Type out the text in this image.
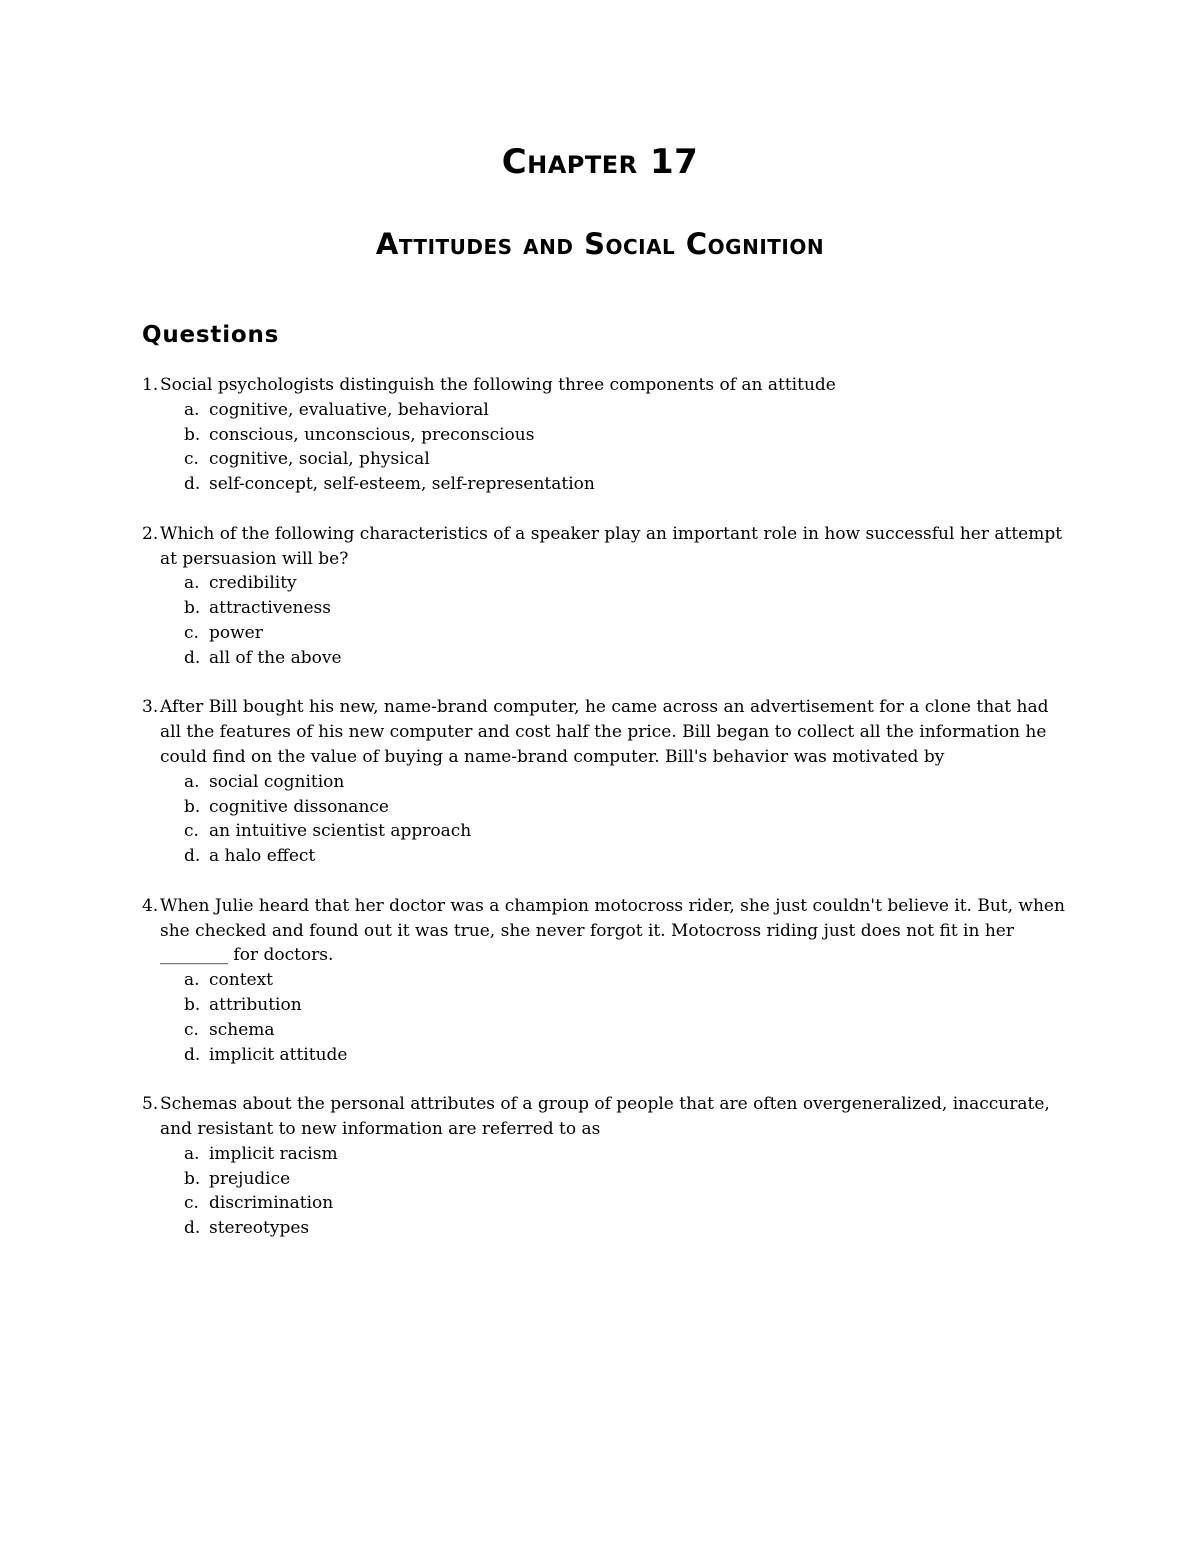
Chapter 17
Attitudes and Social Cognition
Questions
1. Social psychologists distinguish the following three components of an attitude
a. cognitive, evaluative, behavioral
b. conscious, unconscious, preconscious
c. cognitive, social, physical
d. self-concept, self-esteem, self-representation
2. Which of the following characteristics of a speaker play an important role in how successful her attempt at persuasion will be?
a. credibility
b. attractiveness
c. power
d. all of the above
3. After Bill bought his new, name-brand computer, he came across an advertisement for a clone that had all the features of his new computer and cost half the price. Bill began to collect all the information he could find on the value of buying a name-brand computer. Bill's behavior was motivated by
a. social cognition
b. cognitive dissonance
c. an intuitive scientist approach
d. a halo effect
4. When Julie heard that her doctor was a champion motocross rider, she just couldn't believe it. But, when she checked and found out it was true, she never forgot it. Motocross riding just does not fit in her ________ for doctors.
a. context
b. attribution
c. schema
d. implicit attitude
5. Schemas about the personal attributes of a group of people that are often overgeneralized, inaccurate, and resistant to new information are referred to as
a. implicit racism
b. prejudice
c. discrimination
d. stereotypes
